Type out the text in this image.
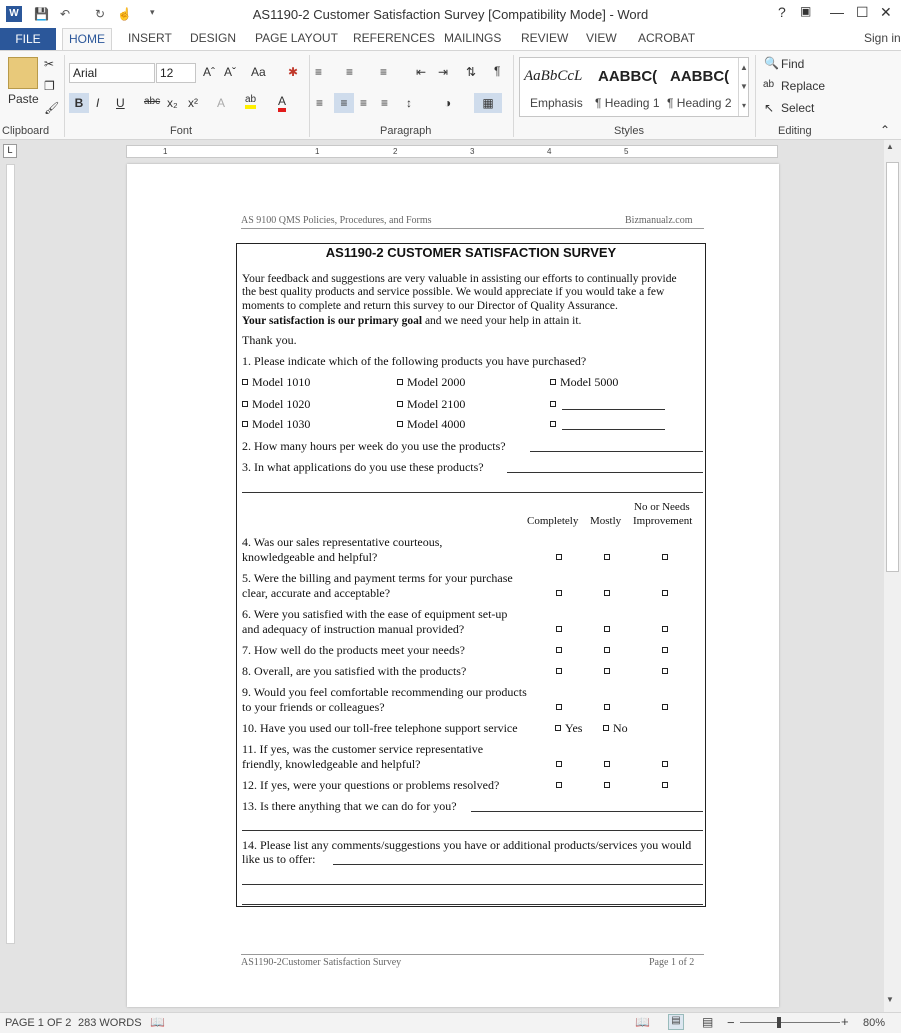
W 💾 ↶ ↻ ☝ ▾	AS1190-2 Customer Satisfaction Survey [Compatibility Mode] - Word	? ▣ — ☐ ✕
FILE	HOME	INSERT DESIGN PAGE LAYOUT REFERENCES MAILINGS REVIEW VIEW ACROBAT	Sign in
Paste
✂
❐
🖌
Clipboard
Arial	12	Aˆ Aˇ Aa ✱
B	I U abc x₂ x² A ab A
Font
≡ ≡ ≡ ⇤ ⇥ ⇅ ¶
≡	≡	≡ ≡ ↕	◑	▦
Paragraph
AaBbCcL
Emphasis
AABBC(
¶ Heading 1
AABBC(
¶ Heading 2
▲
▼
▾
Styles
🔍 Find
ab Replace
↖ Select
Editing	⌃
L	1	1	2	3	4	5
▲
▼
AS 9100 QMS Policies, Procedures, and Forms	Bizmanualz.com
AS1190-2 CUSTOMER SATISFACTION SURVEY
Your feedback and suggestions are very valuable in assisting our efforts to continually provide
the best quality products and service possible. We would appreciate if you would take a few
moments to complete and return this survey to our Director of Quality Assurance.
Your satisfaction is our primary goal and we need your help in attain it.
Thank you.
1. Please indicate which of the following products you have purchased?
Model 1010	Model 2000	Model 5000
Model 1020	Model 2100
Model 1030	Model 4000
2. How many hours per week do you use the products?
3. In what applications do you use these products?
Completely Mostly
No or Needs
Improvement
4. Was our sales representative courteous,
knowledgeable and helpful?
5. Were the billing and payment terms for your purchase
clear, accurate and acceptable?
6. Were you satisfied with the ease of equipment set-up
and adequacy of instruction manual provided?
7. How well do the products meet your needs?
8. Overall, are you satisfied with the products?
9. Would you feel comfortable recommending our products
to your friends or colleagues?
10. Have you used our toll-free telephone support service	Yes	No
11. If yes, was the customer service representative
friendly, knowledgeable and helpful?
12. If yes, were your questions or problems resolved?
13. Is there anything that we can do for you?
14. Please list any comments/suggestions you have or additional products/services you would
like us to offer:
AS1190-2Customer Satisfaction Survey	Page 1 of 2
PAGE 1 OF 2 283 WORDS 📖	📖	▤ ▤ −	+ 80%
